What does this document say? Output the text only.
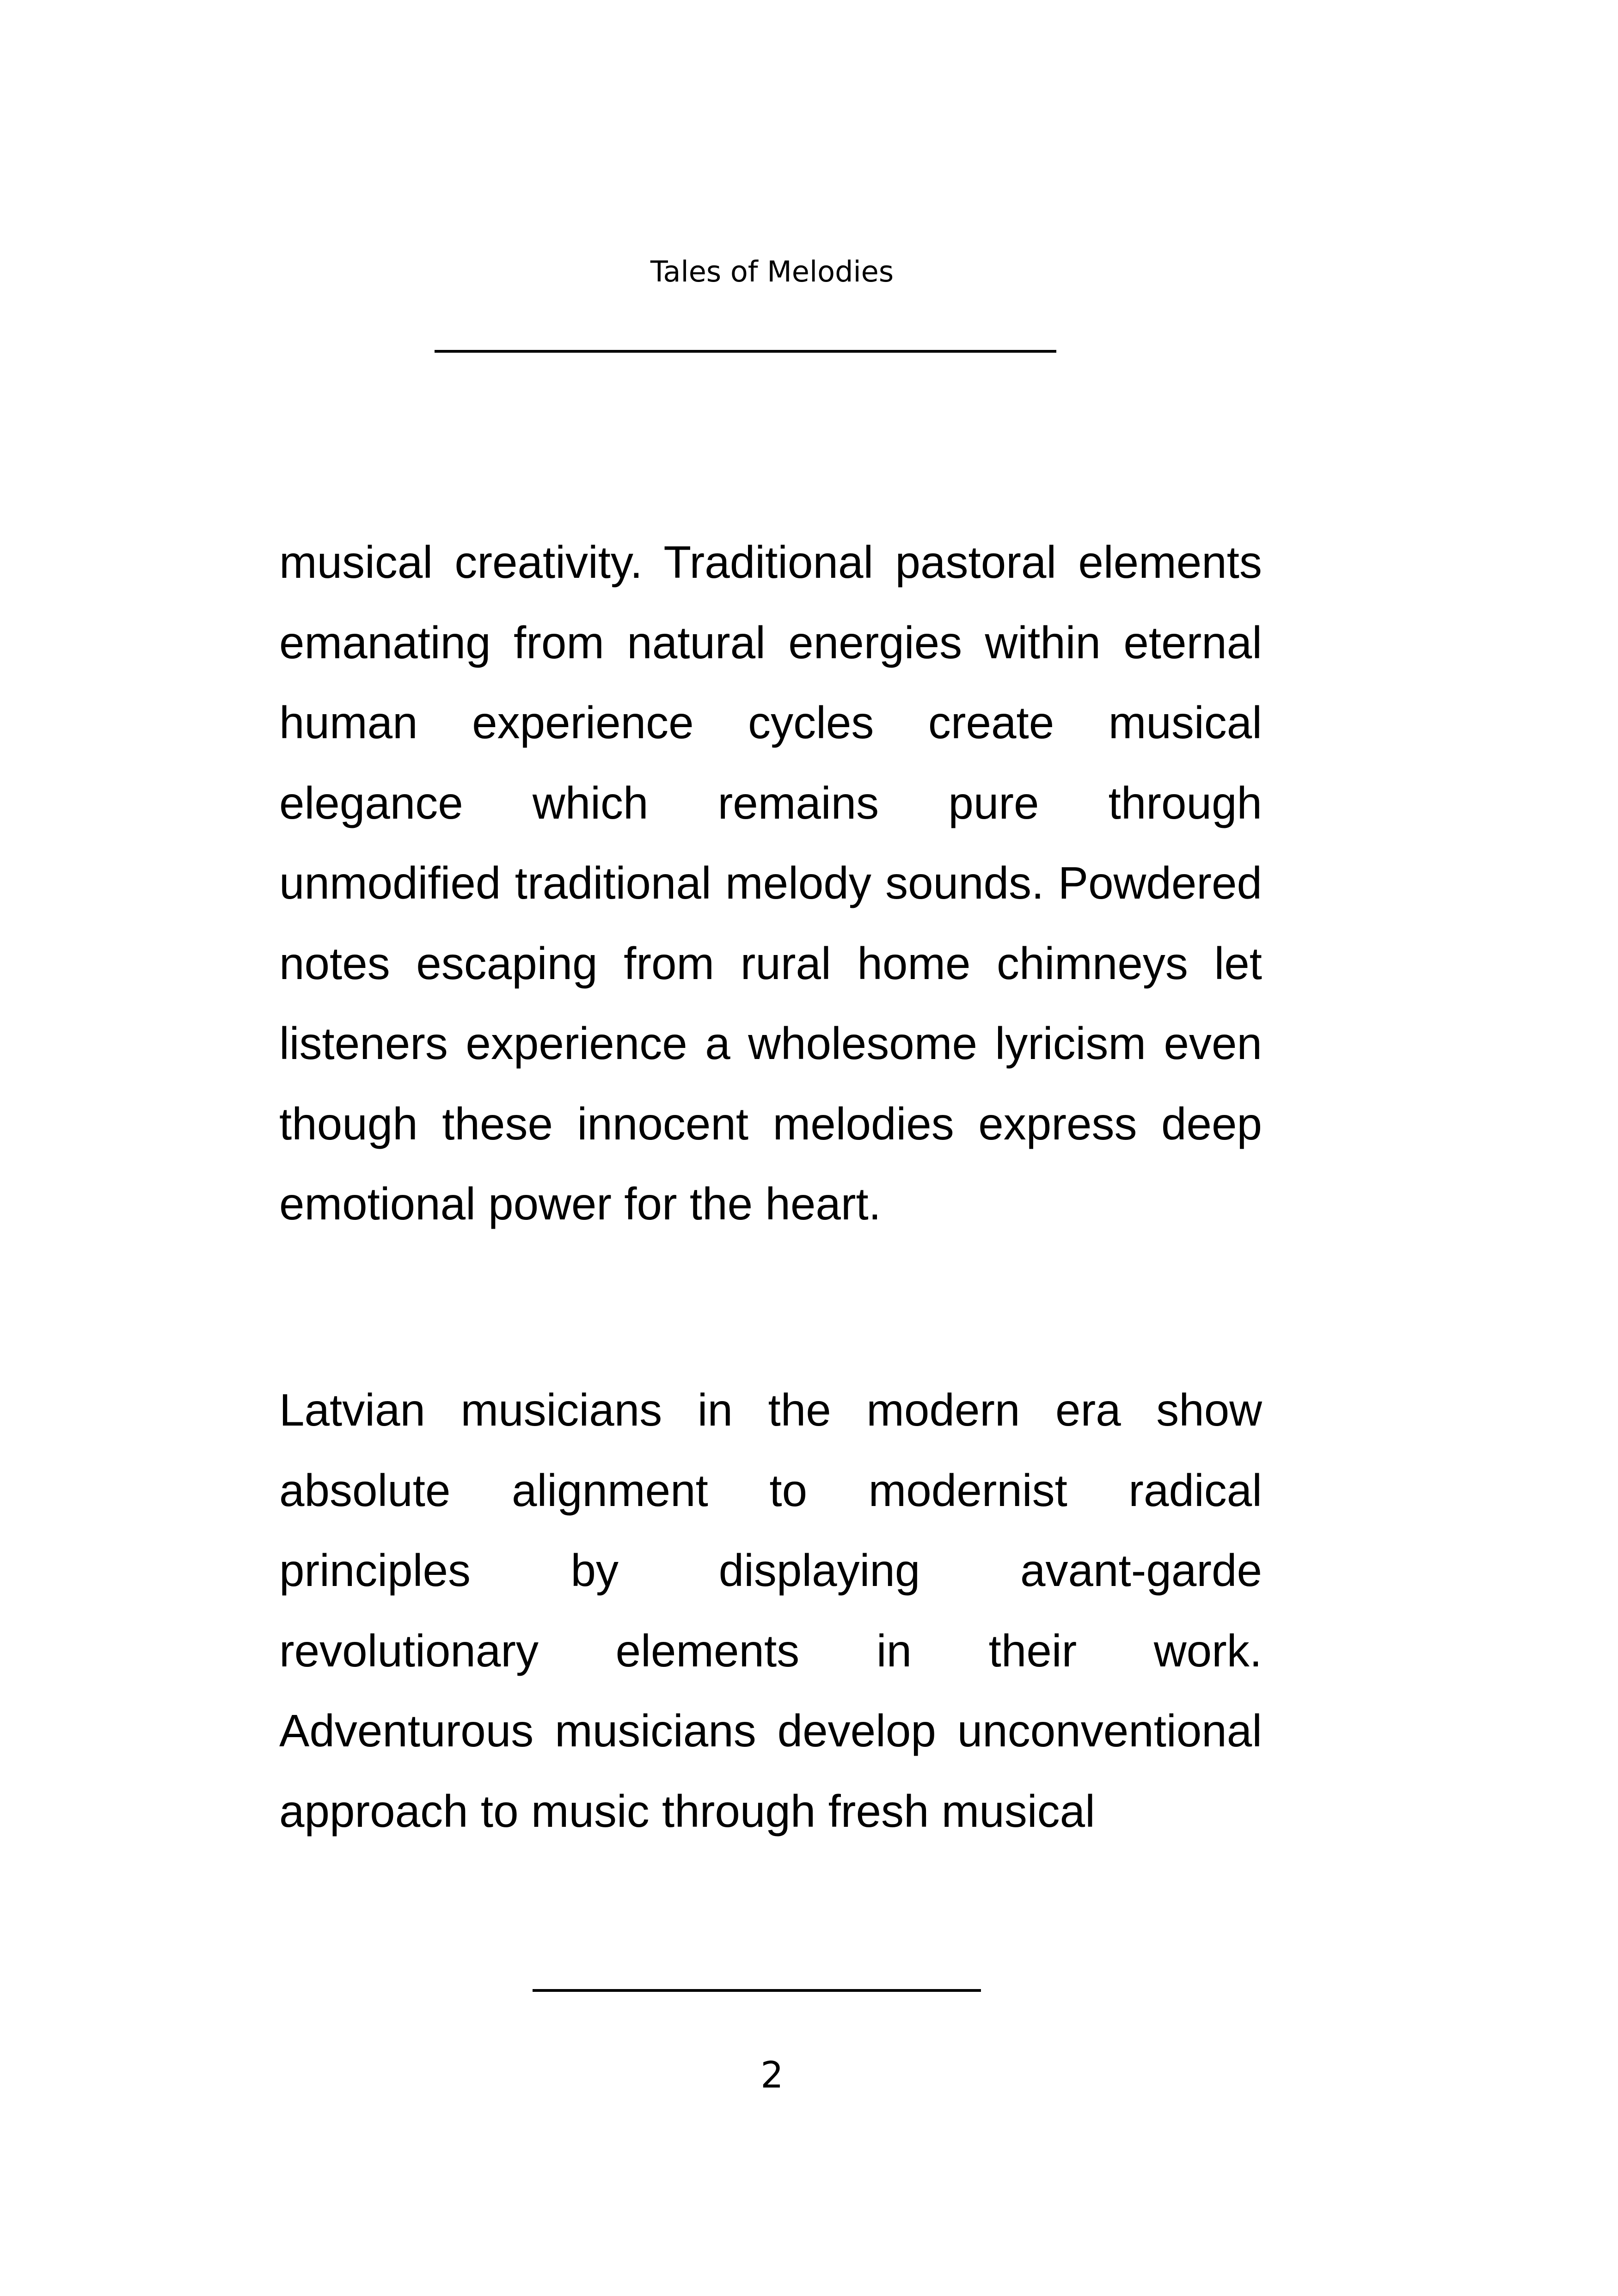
Tales of Melodies

musical creativity. Traditional pastoral elements emanating from natural energies within eternal human experience cycles create musical elegance which remains pure through unmodified traditional melody sounds. Powdered notes escaping from rural home chimneys let listeners experience a wholesome lyricism even though these innocent melodies express deep emotional power for the heart.

Latvian musicians in the modern era show absolute alignment to modernist radical principles by displaying avant-garde revolutionary elements in their work. Adventurous musicians develop unconventional approach to music through fresh musical

2
